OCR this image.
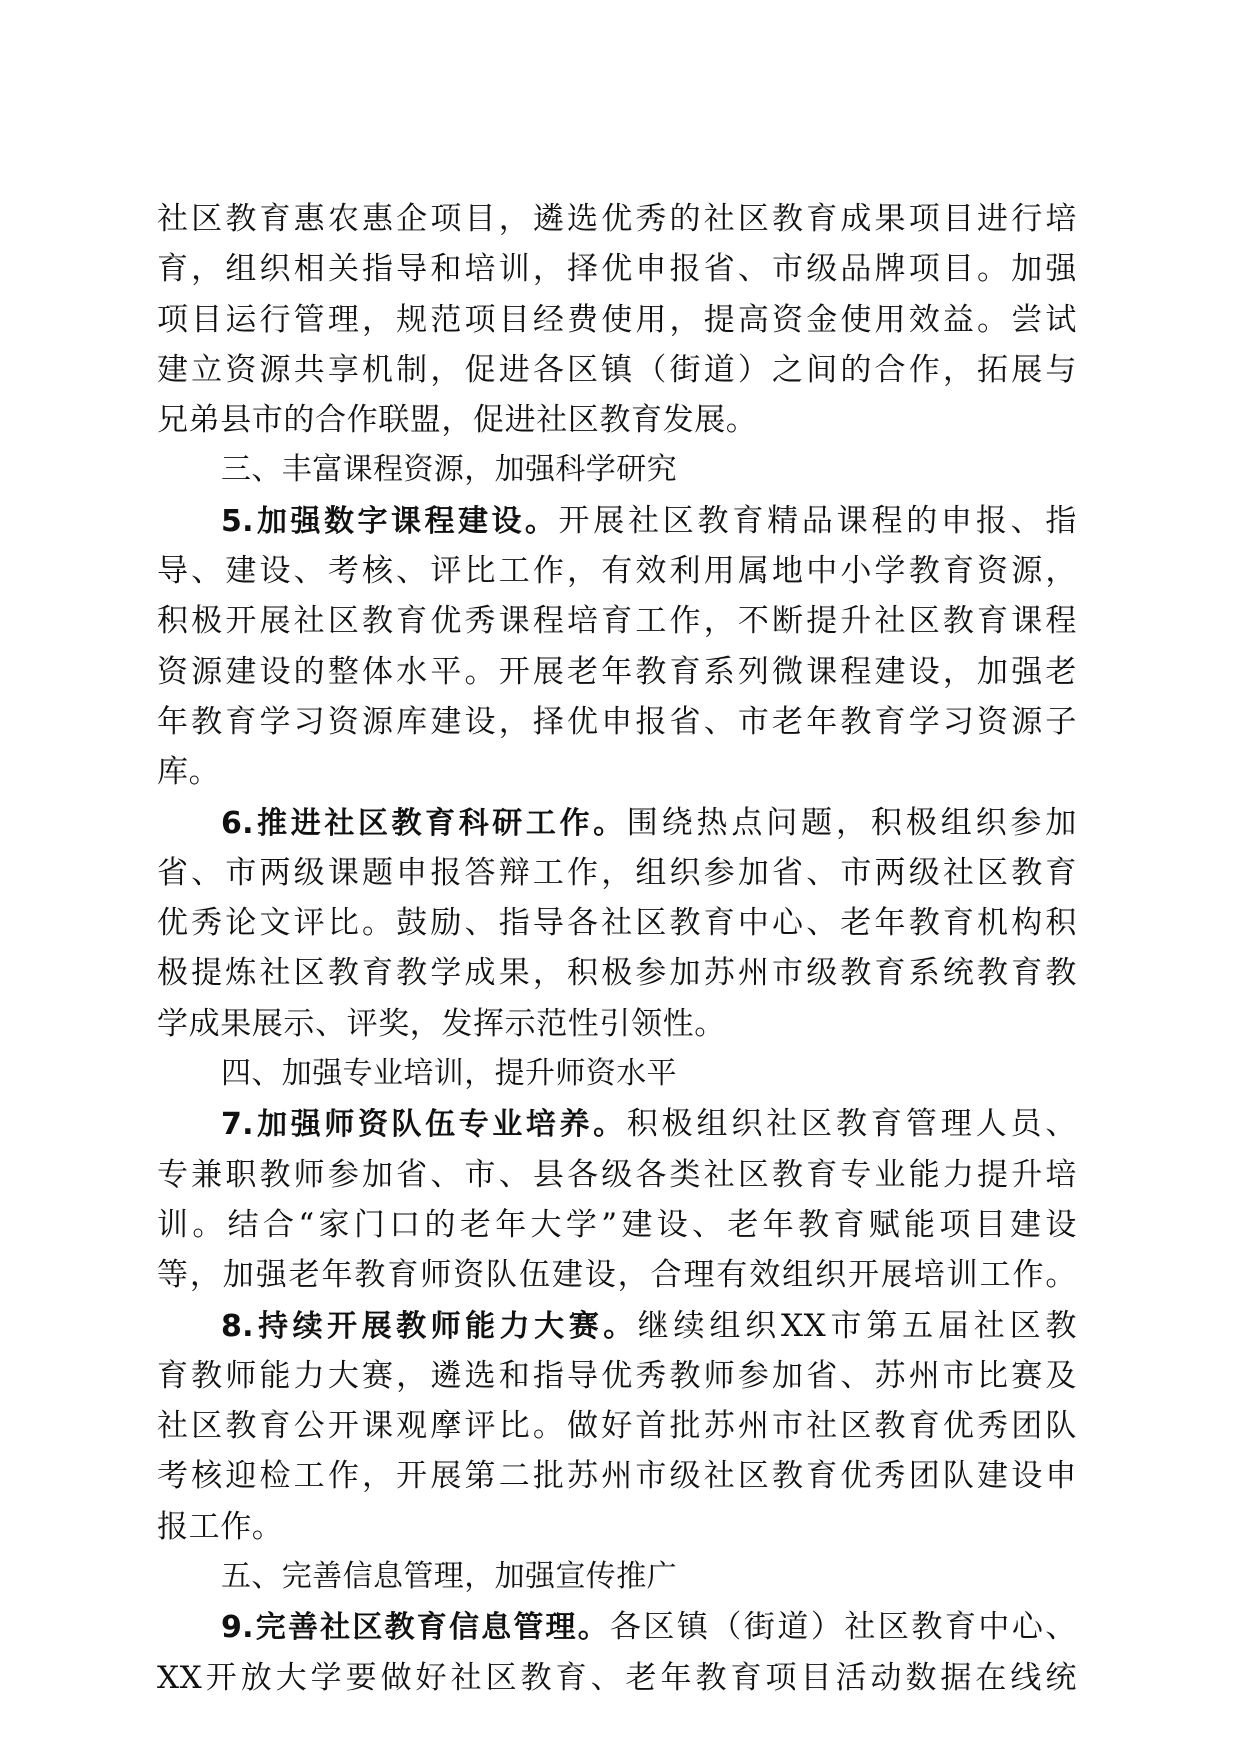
社区教育惠农惠企项目，遴选优秀的社区教育成果项目进行培
育，组织相关指导和培训，择优申报省、市级品牌项目。加强
项目运行管理，规范项目经费使用，提高资金使用效益。尝试
建立资源共享机制，促进各区镇（街道）之间的合作，拓展与
兄弟县市的合作联盟，促进社区教育发展。
三、丰富课程资源，加强科学研究
5.加强数字课程建设。开展社区教育精品课程的申报、指
导、建设、考核、评比工作，有效利用属地中小学教育资源，
积极开展社区教育优秀课程培育工作，不断提升社区教育课程
资源建设的整体水平。开展老年教育系列微课程建设，加强老
年教育学习资源库建设，择优申报省、市老年教育学习资源子
库。
6.推进社区教育科研工作。围绕热点问题，积极组织参加
省、市两级课题申报答辩工作，组织参加省、市两级社区教育
优秀论文评比。鼓励、指导各社区教育中心、老年教育机构积
极提炼社区教育教学成果，积极参加苏州市级教育系统教育教
学成果展示、评奖，发挥示范性引领性。
四、加强专业培训，提升师资水平
7.加强师资队伍专业培养。积极组织社区教育管理人员、
专兼职教师参加省、市、县各级各类社区教育专业能力提升培
训。结合“家门口的老年大学”建设、老年教育赋能项目建设
等，加强老年教育师资队伍建设，合理有效组织开展培训工作。
8.持续开展教师能力大赛。继续组织XX市第五届社区教
育教师能力大赛，遴选和指导优秀教师参加省、苏州市比赛及
社区教育公开课观摩评比。做好首批苏州市社区教育优秀团队
考核迎检工作，开展第二批苏州市级社区教育优秀团队建设申
报工作。
五、完善信息管理，加强宣传推广
9.完善社区教育信息管理。各区镇（街道）社区教育中心、
XX开放大学要做好社区教育、老年教育项目活动数据在线统
